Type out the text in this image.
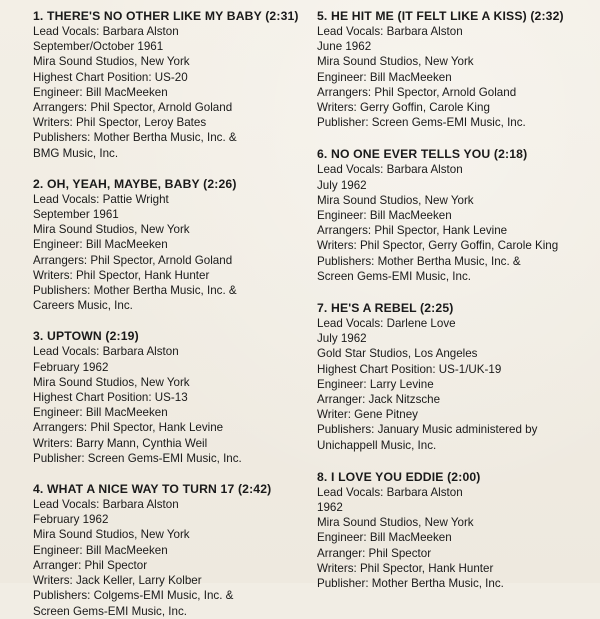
1. THERE'S NO OTHER LIKE MY BABY (2:31)
Lead Vocals: Barbara Alston
September/October 1961
Mira Sound Studios, New York
Highest Chart Position: US-20
Engineer: Bill MacMeeken
Arrangers: Phil Spector, Arnold Goland
Writers: Phil Spector, Leroy Bates
Publishers: Mother Bertha Music, Inc. &
BMG Music, Inc.
2. OH, YEAH, MAYBE, BABY (2:26)
Lead Vocals: Pattie Wright
September 1961
Mira Sound Studios, New York
Engineer: Bill MacMeeken
Arrangers: Phil Spector, Arnold Goland
Writers: Phil Spector, Hank Hunter
Publishers: Mother Bertha Music, Inc. &
Careers Music, Inc.
3. UPTOWN (2:19)
Lead Vocals: Barbara Alston
February 1962
Mira Sound Studios, New York
Highest Chart Position: US-13
Engineer: Bill MacMeeken
Arrangers: Phil Spector, Hank Levine
Writers: Barry Mann, Cynthia Weil
Publisher: Screen Gems-EMI Music, Inc.
4. WHAT A NICE WAY TO TURN 17 (2:42)
Lead Vocals: Barbara Alston
February 1962
Mira Sound Studios, New York
Engineer: Bill MacMeeken
Arranger: Phil Spector
Writers: Jack Keller, Larry Kolber
Publishers: Colgems-EMI Music, Inc. &
Screen Gems-EMI Music, Inc.
5. HE HIT ME (IT FELT LIKE A KISS) (2:32)
Lead Vocals: Barbara Alston
June 1962
Mira Sound Studios, New York
Engineer: Bill MacMeeken
Arrangers: Phil Spector, Arnold Goland
Writers: Gerry Goffin, Carole King
Publisher: Screen Gems-EMI Music, Inc.
6. NO ONE EVER TELLS YOU (2:18)
Lead Vocals: Barbara Alston
July 1962
Mira Sound Studios, New York
Engineer: Bill MacMeeken
Arrangers: Phil Spector, Hank Levine
Writers: Phil Spector, Gerry Goffin, Carole King
Publishers: Mother Bertha Music, Inc. &
Screen Gems-EMI Music, Inc.
7. HE'S A REBEL (2:25)
Lead Vocals: Darlene Love
July 1962
Gold Star Studios, Los Angeles
Highest Chart Position: US-1/UK-19
Engineer: Larry Levine
Arranger: Jack Nitzsche
Writer: Gene Pitney
Publishers: January Music administered by
Unichappell Music, Inc.
8. I LOVE YOU EDDIE (2:00)
Lead Vocals: Barbara Alston
1962
Mira Sound Studios, New York
Engineer: Bill MacMeeken
Arranger: Phil Spector
Writers: Phil Spector, Hank Hunter
Publisher: Mother Bertha Music, Inc.
